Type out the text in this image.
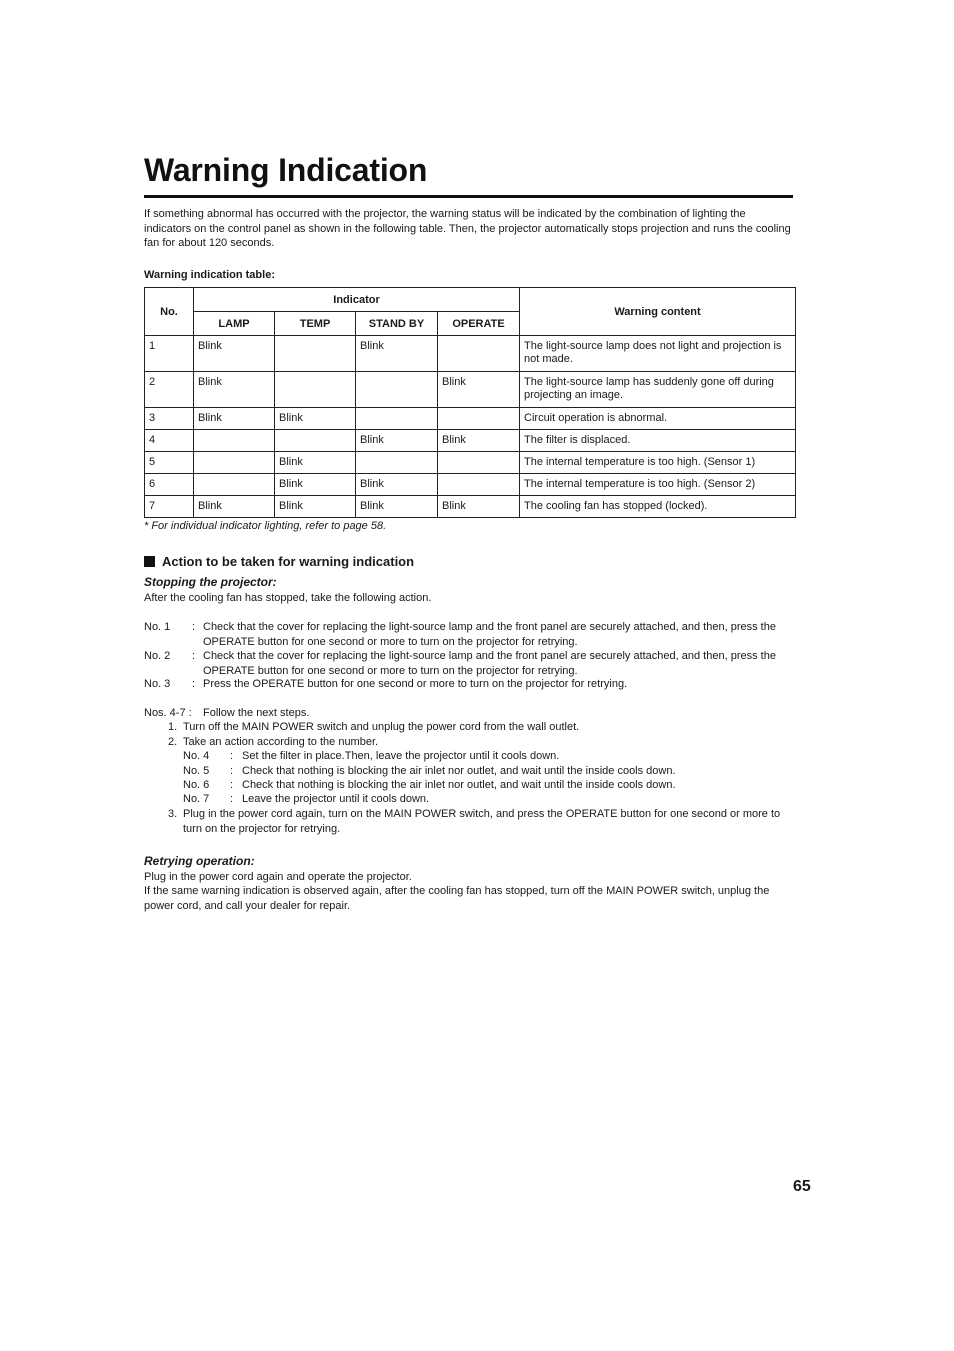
Warning Indication

If something abnormal has occurred with the projector, the warning status will be indicated by the combination of lighting the indicators on the control panel as shown in the following table. Then, the projector automatically stops projection and runs the cooling fan for about 120 seconds.

Warning indication table:

No.	Indicator				Warning content
	LAMP	TEMP	STAND BY	OPERATE	
1	Blink		Blink		The light-source lamp does not light and projection is not made.
2	Blink			Blink	The light-source lamp has suddenly gone off during projecting an image.
3	Blink	Blink			Circuit operation is abnormal.
4			Blink	Blink	The filter is displaced.
5		Blink			The internal temperature is too high. (Sensor 1)
6		Blink	Blink		The internal temperature is too high. (Sensor 2)
7	Blink	Blink	Blink	Blink	The cooling fan has stopped (locked).

* For individual indicator lighting, refer to page 58.

Action to be taken for warning indication

Stopping the projector:

After the cooling fan has stopped, take the following action.

No. 1 : Check that the cover for replacing the light-source lamp and the front panel are securely attached, and then, press the OPERATE button for one second or more to turn on the projector for retrying.
No. 2 : Check that the cover for replacing the light-source lamp and the front panel are securely attached, and then, press the OPERATE button for one second or more to turn on the projector for retrying.
No. 3 : Press the OPERATE button for one second or more to turn on the projector for retrying.
Nos. 4-7 : Follow the next steps.
1. Turn off the MAIN POWER switch and unplug the power cord from the wall outlet.
2. Take an action according to the number.
No. 4 : Set the filter in place.Then, leave the projector until it cools down.
No. 5 : Check that nothing is blocking the air inlet nor outlet, and wait until the inside cools down.
No. 6 : Check that nothing is blocking the air inlet nor outlet, and wait until the inside cools down.
No. 7 : Leave the projector until it cools down.
3. Plug in the power cord again, turn on the MAIN POWER switch, and press the OPERATE button for one second or more to turn on the projector for retrying.

Retrying operation:

Plug in the power cord again and operate the projector.

If the same warning indication is observed again, after the cooling fan has stopped, turn off the MAIN POWER switch, unplug the power cord, and call your dealer for repair.

65
